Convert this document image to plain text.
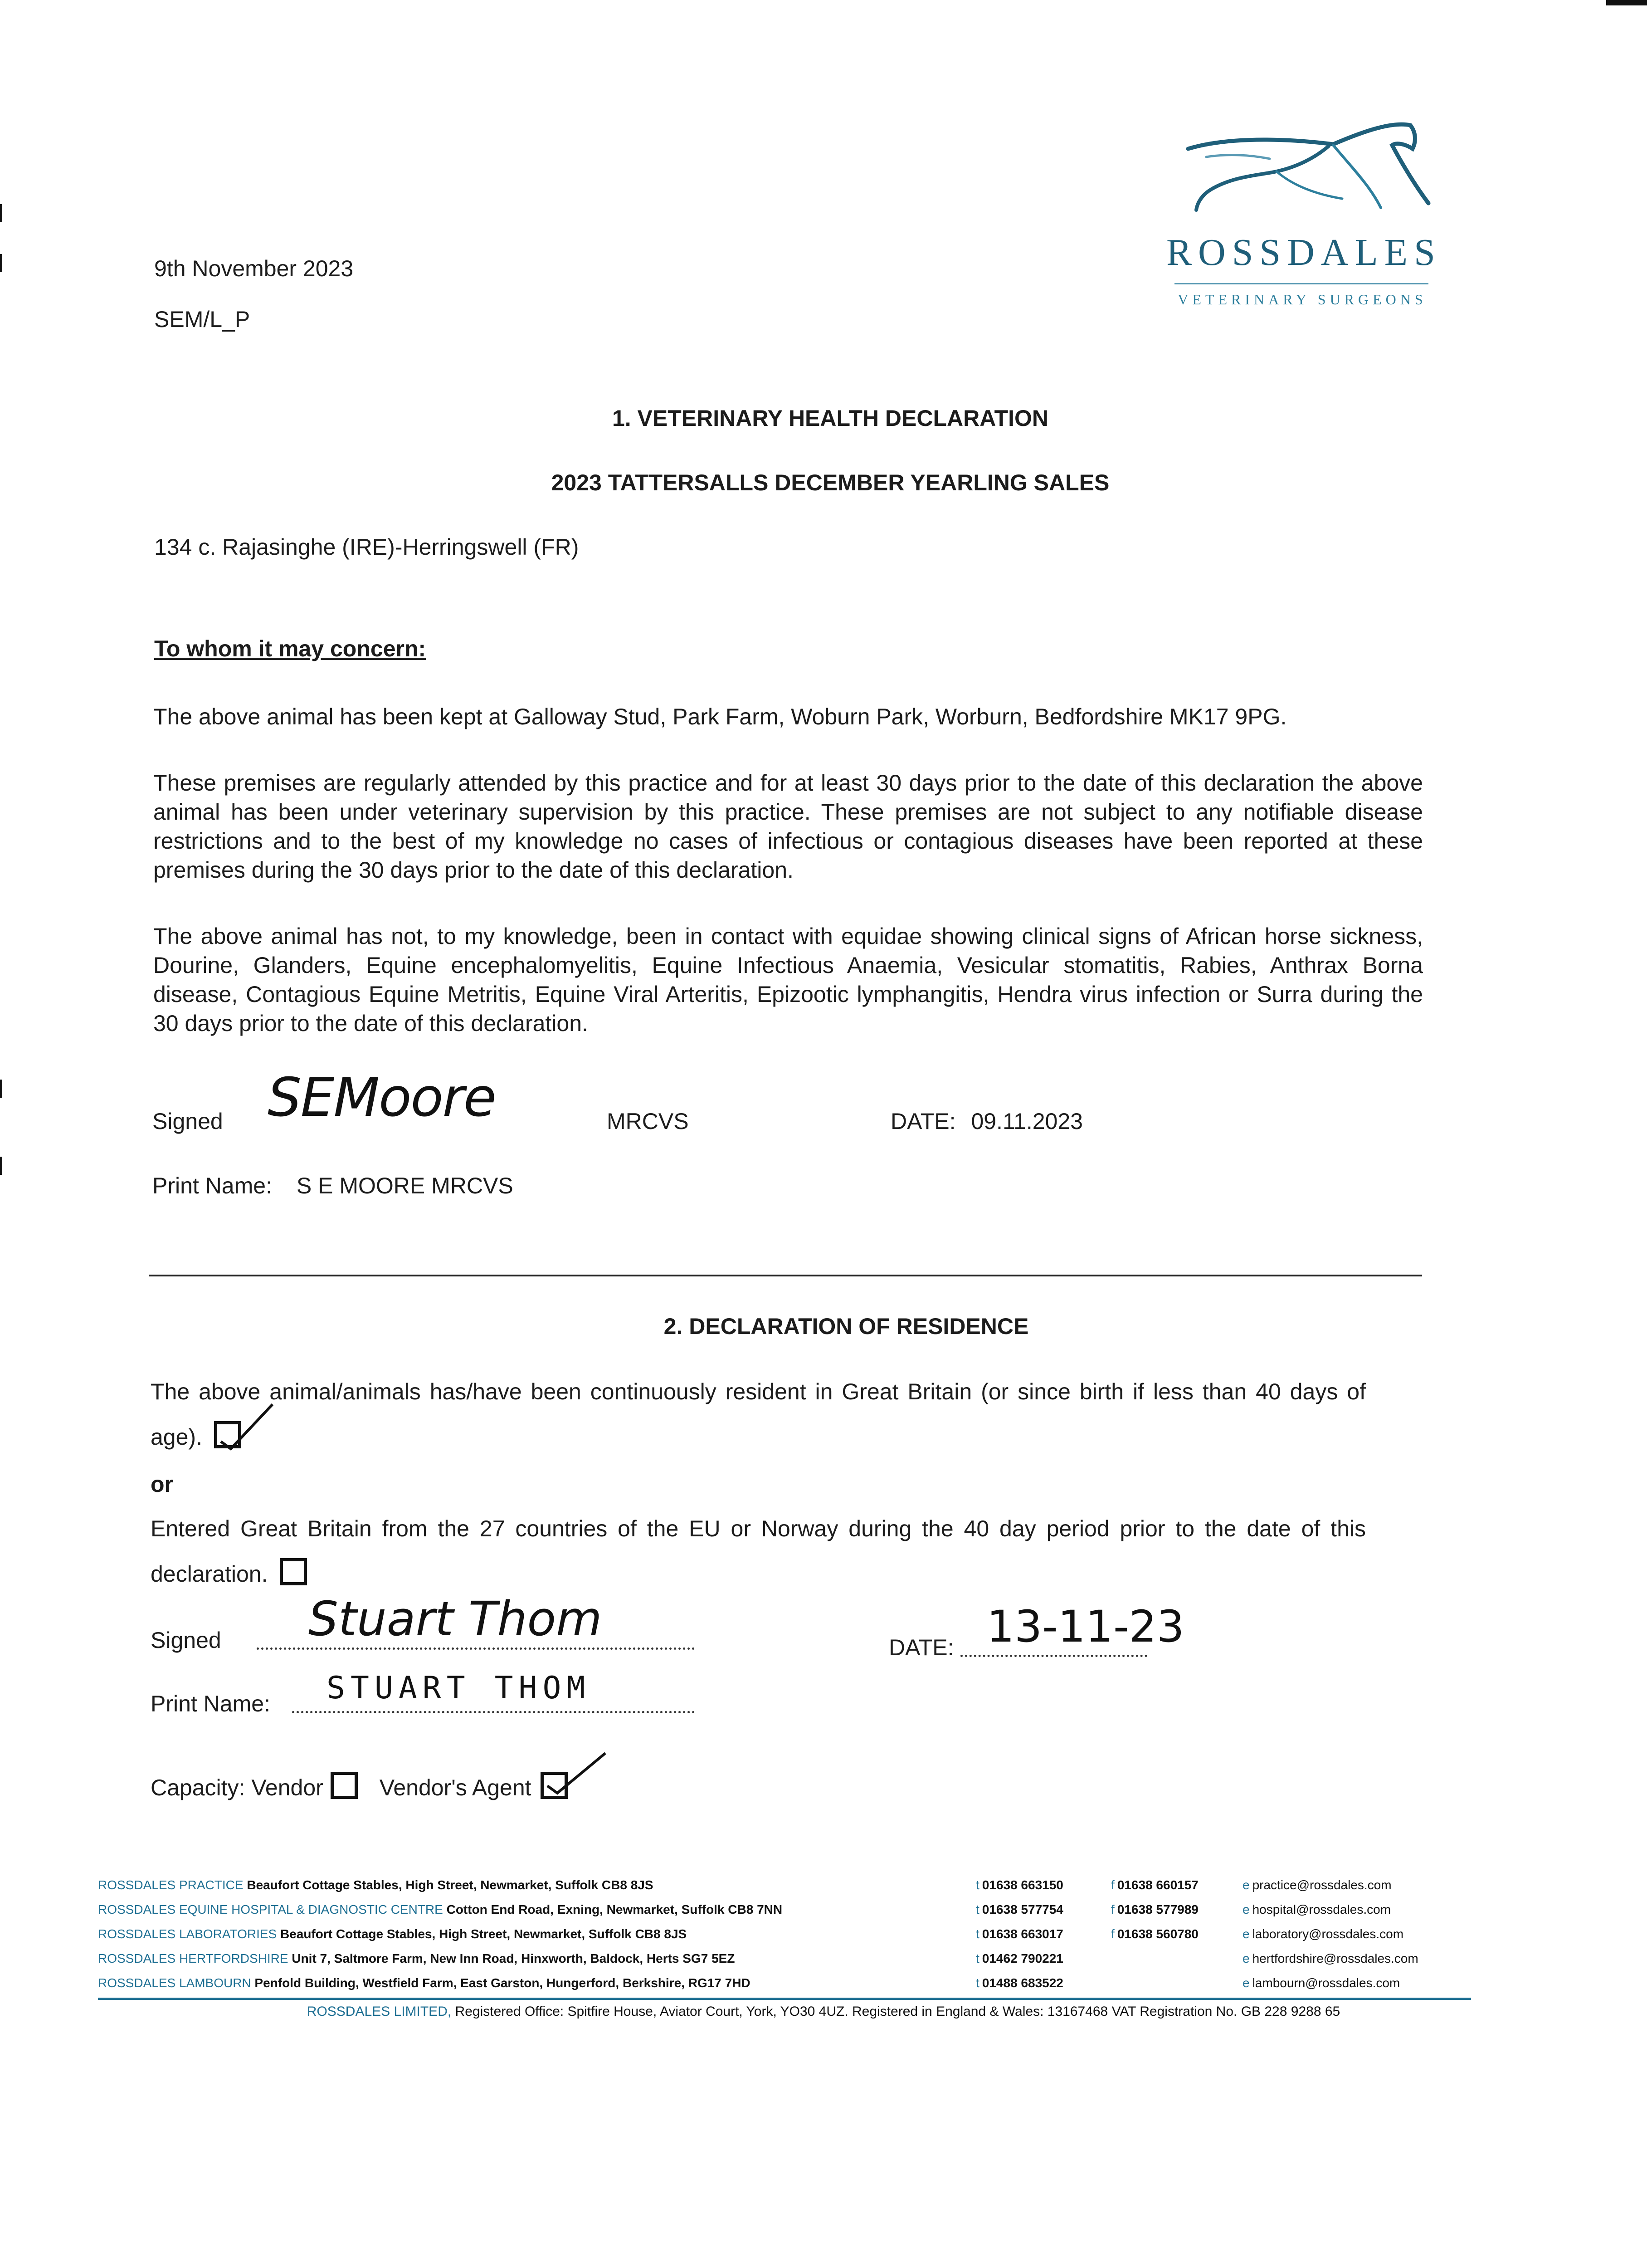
9th November 2023
SEM/L_P
ROSSDALES
VETERINARY SURGEONS
1. VETERINARY HEALTH DECLARATION
2023 TATTERSALLS DECEMBER YEARLING SALES
134 c. Rajasinghe (IRE)-Herringswell (FR)
To whom it may concern:
The above animal has been kept at Galloway Stud, Park Farm, Woburn Park, Worburn, Bedfordshire MK17 9PG.
These premises are regularly attended by this practice and for at least 30 days prior to the date of this declaration the above animal has been under veterinary supervision by this practice. These premises are not subject to any notifiable disease restrictions and to the best of my knowledge no cases of infectious or contagious diseases have been reported at these premises during the 30 days prior to the date of this declaration.
The above animal has not, to my knowledge, been in contact with equidae showing clinical signs of African horse sickness, Dourine, Glanders, Equine encephalomyelitis, Equine Infectious Anaemia, Vesicular stomatitis, Rabies, Anthrax Borna disease, Contagious Equine Metritis, Equine Viral Arteritis, Epizootic lymphangitis, Hendra virus infection or Surra during the 30 days prior to the date of this declaration.
Signed SEMoore	MRCVS	DATE: 09.11.2023
Print Name: S E MOORE MRCVS
2. DECLARATION OF RESIDENCE
The above animal/animals has/have been continuously resident in Great Britain (or since birth if less than 40 days of age).
or
Entered Great Britain from the 27 countries of the EU or Norway during the 40 day period prior to the date of this declaration.
Signed Stuart Thom
DATE: 13-11-23
Print Name: STUART THOM
Capacity: Vendor Vendor's Agent
ROSSDALES PRACTICE Beaufort Cottage Stables, High Street, Newmarket, Suffolk CB8 8JS
ROSSDALES EQUINE HOSPITAL & DIAGNOSTIC CENTRE Cotton End Road, Exning, Newmarket, Suffolk CB8 7NN
ROSSDALES LABORATORIES Beaufort Cottage Stables, High Street, Newmarket, Suffolk CB8 8JS
ROSSDALES HERTFORDSHIRE Unit 7, Saltmore Farm, New Inn Road, Hinxworth, Baldock, Herts SG7 5EZ
ROSSDALES LAMBOURN Penfold Building, Westfield Farm, East Garston, Hungerford, Berkshire, RG17 7HD
t 01638 663150
t 01638 577754
t 01638 663017
t 01462 790221
t 01488 683522
f 01638 660157
f 01638 577989
f 01638 560780
e practice@rossdales.com
e hospital@rossdales.com
e laboratory@rossdales.com
e hertfordshire@rossdales.com
e lambourn@rossdales.com
ROSSDALES LIMITED, Registered Office: Spitfire House, Aviator Court, York, YO30 4UZ. Registered in England & Wales: 13167468 VAT Registration No. GB 228 9288 65
